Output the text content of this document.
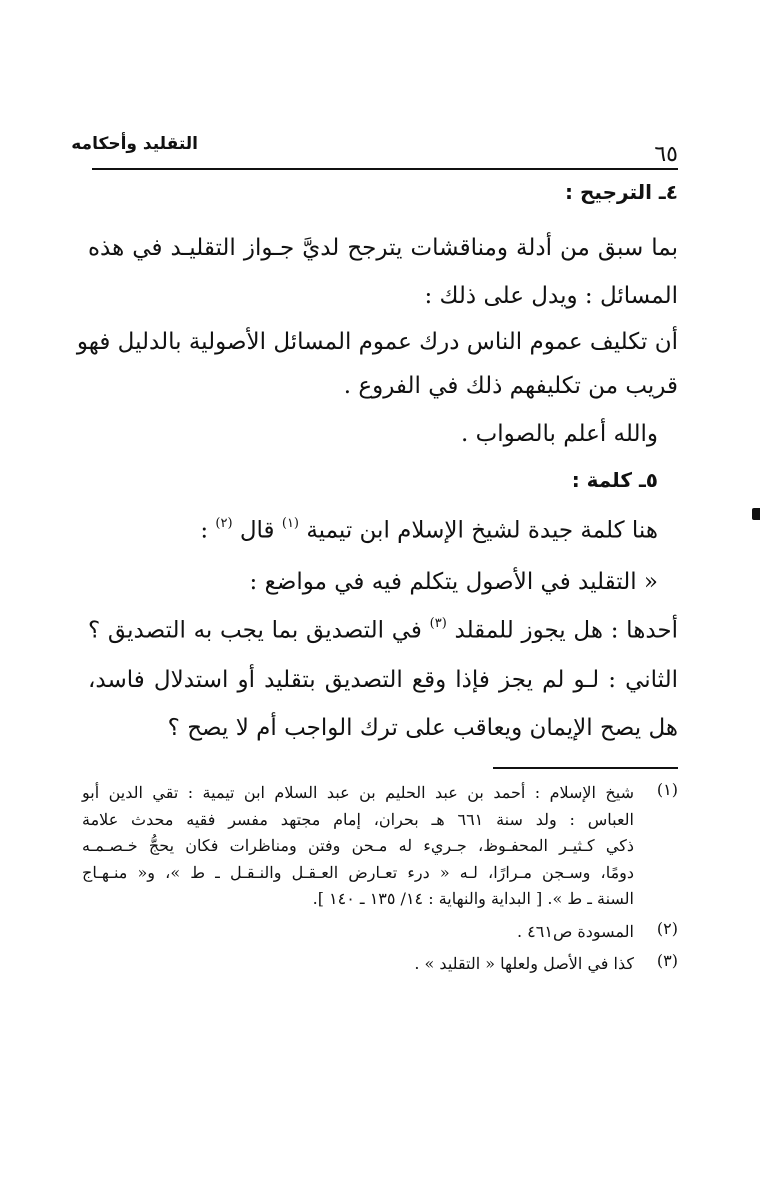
٦٥
التقليد وأحكامه

٤ـ الترجيح :

بما سبق من أدلة ومناقشات يترجح لديَّ جـواز التقليـد في هذه

المسائل : ويدل على ذلك :

أن تكليف عموم الناس درك عموم المسائل الأصولية بالدليل فهو

قريب من تكليفهم ذلك في الفروع .

والله أعلم بالصواب .

٥ـ كلمة :

هنا كلمة جيدة لشيخ الإسلام ابن تيمية $^{(١)}$ قال $^{(٢)}$ :

« التقليد في الأصول يتكلم فيه في مواضع :

أحدها : هل يجوز للمقلد $^{(٣)}$ في التصديق بما يجب به التصديق ؟

الثاني : لـو لم يجز فإذا وقع التصديق بتقليد أو استدلال فاسد،

هل يصح الإيمان ويعاقب على ترك الواجب أم لا يصح ؟

(١)
شيخ الإسلام : أحمد بن عبد الحليم بن عبد السلام ابن تيمية : تقي الدين أبو
العباس : ولد سنة ٦٦١ هـ بحران، إمام مجتهد مفسر فقيه محدث علامة
ذكي كـثيـر المحفـوظ، جـريء له مـحن وفتن ومناظرات فكان يحجُّ خـصـمـه
دومًا، وسـجن مـرارًا، لـه « درء تعـارض العـقـل والنـقـل ـ ط »، و« منـهـاج
السنة ـ ط ». [ البداية والنهاية : ١٤/ ١٣٥ ـ ١٤٠ ].
(٢)
المسودة ص٤٦١ .
(٣)
كذا في الأصل ولعلها « التقليد » .
